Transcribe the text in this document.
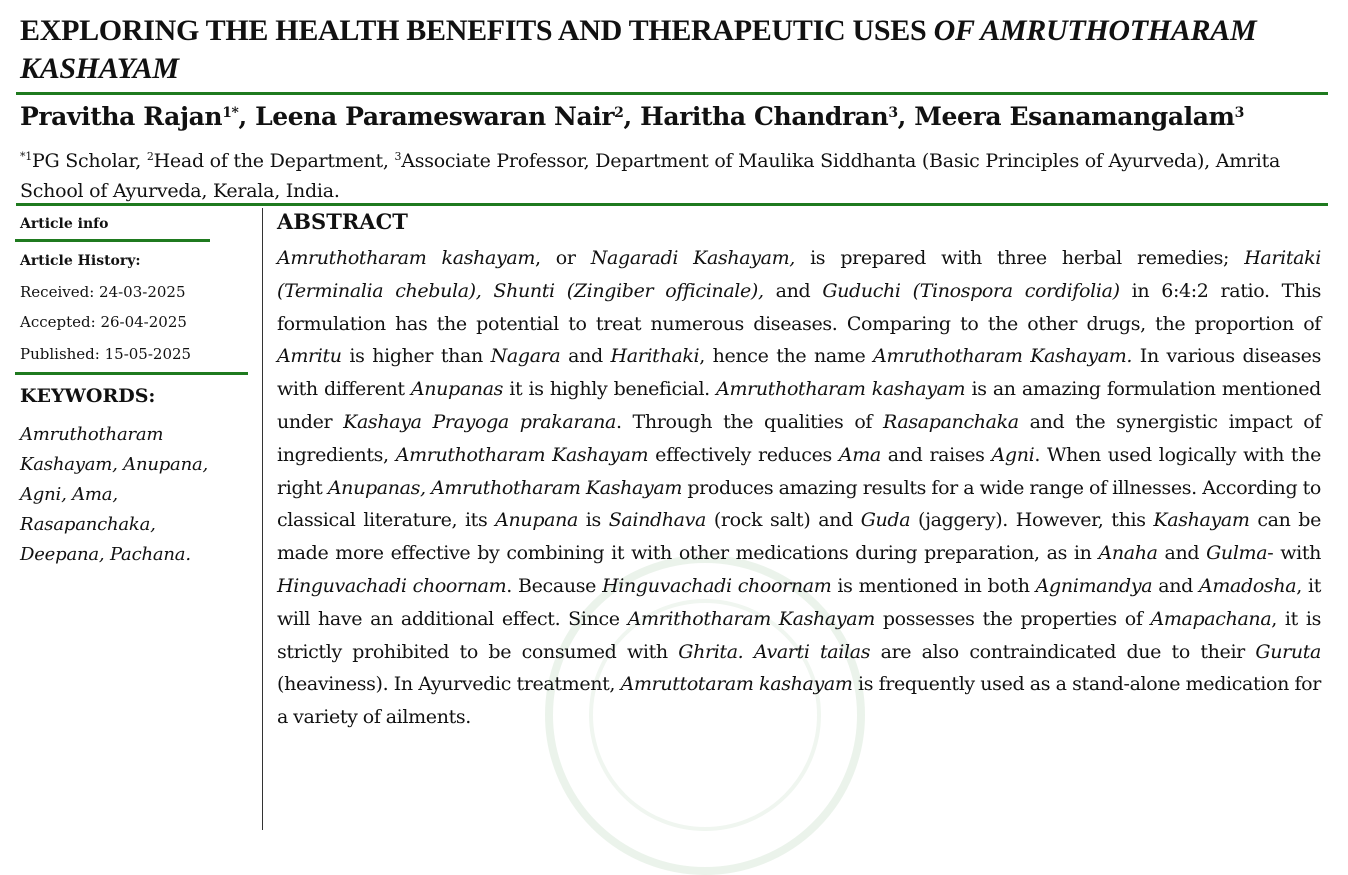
EXPLORING THE HEALTH BENEFITS AND THERAPEUTIC USES OF AMRUTHOTHARAM KASHAYAM
Pravitha Rajan$^{1*}$, Leena Parameswaran Nair$^2$, Haritha Chandran$^3$, Meera Esanamangalam$^3$
$^{*1}$PG Scholar, $^2$Head of the Department, $^3$Associate Professor, Department of Maulika Siddhanta (Basic Principles of Ayurveda), Amrita School of Ayurveda, Kerala, India.
Article info
Article History:
Received: 24-03-2025
Accepted: 26-04-2025
Published: 15-05-2025
KEYWORDS:
Amruthotharam Kashayam, Anupana, Agni, Ama, Rasapanchaka, Deepana, Pachana.
ABSTRACT
Amruthotharam kashayam, or Nagaradi Kashayam, is prepared with three herbal remedies; Haritaki (Terminalia chebula), Shunti (Zingiber officinale), and Guduchi (Tinospora cordifolia) in 6:4:2 ratio. This formulation has the potential to treat numerous diseases. Comparing to the other drugs, the proportion of Amritu is higher than Nagara and Harithaki, hence the name Amruthotharam Kashayam. In various diseases with different Anupanas it is highly beneficial. Amruthotharam kashayam is an amazing formulation mentioned under Kashaya Prayoga prakarana. Through the qualities of Rasapanchaka and the synergistic impact of ingredients, Amruthotharam Kashayam effectively reduces Ama and raises Agni. When used logically with the right Anupanas, Amruthotharam Kashayam produces amazing results for a wide range of illnesses. According to classical literature, its Anupana is Saindhava (rock salt) and Guda (jaggery). However, this Kashayam can be made more effective by combining it with other medications during preparation, as in Anaha and Gulma- with Hinguvachadi choornam. Because Hinguvachadi choornam is mentioned in both Agnimandya and Amadosha, it will have an additional effect. Since Amrithotharam Kashayam possesses the properties of Amapachana, it is strictly prohibited to be consumed with Ghrita. Avarti tailas are also contraindicated due to their Guruta (heaviness). In Ayurvedic treatment, Amruttotaram kashayam is frequently used as a stand-alone medication for a variety of ailments.
